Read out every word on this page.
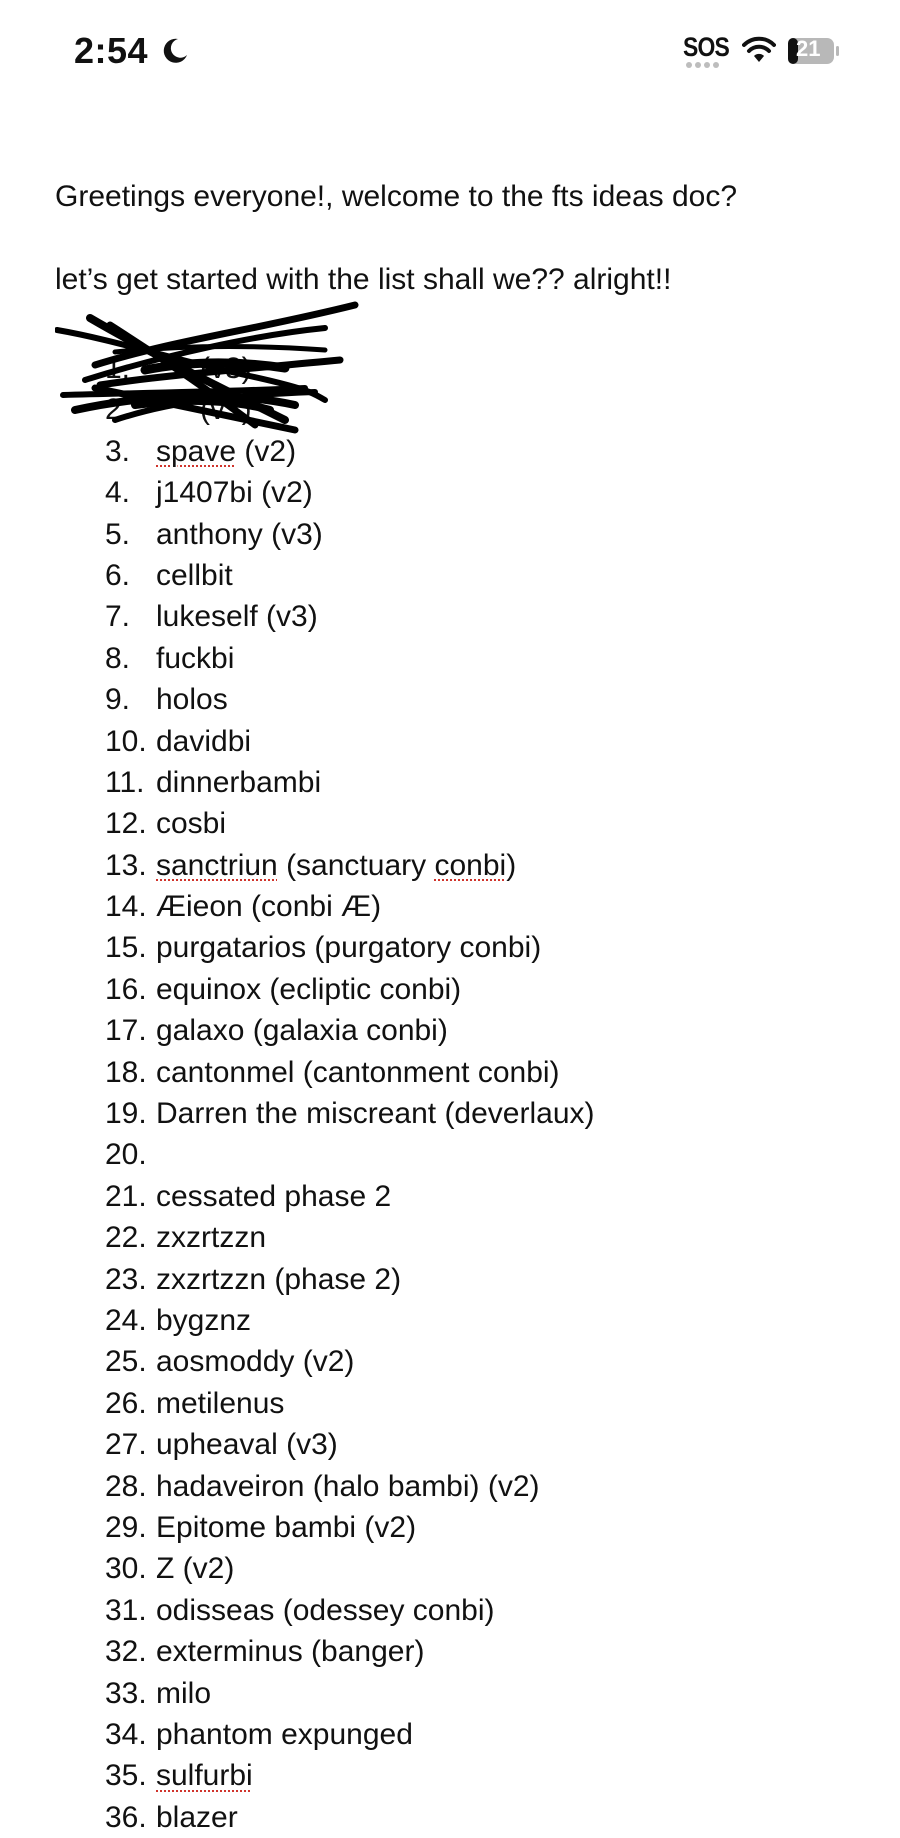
2:54	SOS	21

Greetings everyone!, welcome to the fts ideas doc?

let’s get started with the list shall we?? alright!!

1. (v3)
2. (v3)
3. spave (v2)
4. j1407bi (v2)
5. anthony (v3)
6. cellbit
7. lukeself (v3)
8. fuckbi
9. holos
10. davidbi
11. dinnerbambi
12. cosbi
13. sanctriun (sanctuary conbi)
14. Æieon (conbi Æ)
15. purgatarios (purgatory conbi)
16. equinox (ecliptic conbi)
17. galaxo (galaxia conbi)
18. cantonmel (cantonment conbi)
19. Darren the miscreant (deverlaux)
20.
21. cessated phase 2
22. zxzrtzzn
23. zxzrtzzn (phase 2)
24. bygznz
25. aosmoddy (v2)
26. metilenus
27. upheaval (v3)
28. hadaveiron (halo bambi) (v2)
29. Epitome bambi (v2)
30. Z (v2)
31. odisseas (odessey conbi)
32. exterminus (banger)
33. milo
34. phantom expunged
35. sulfurbi
36. blazer
